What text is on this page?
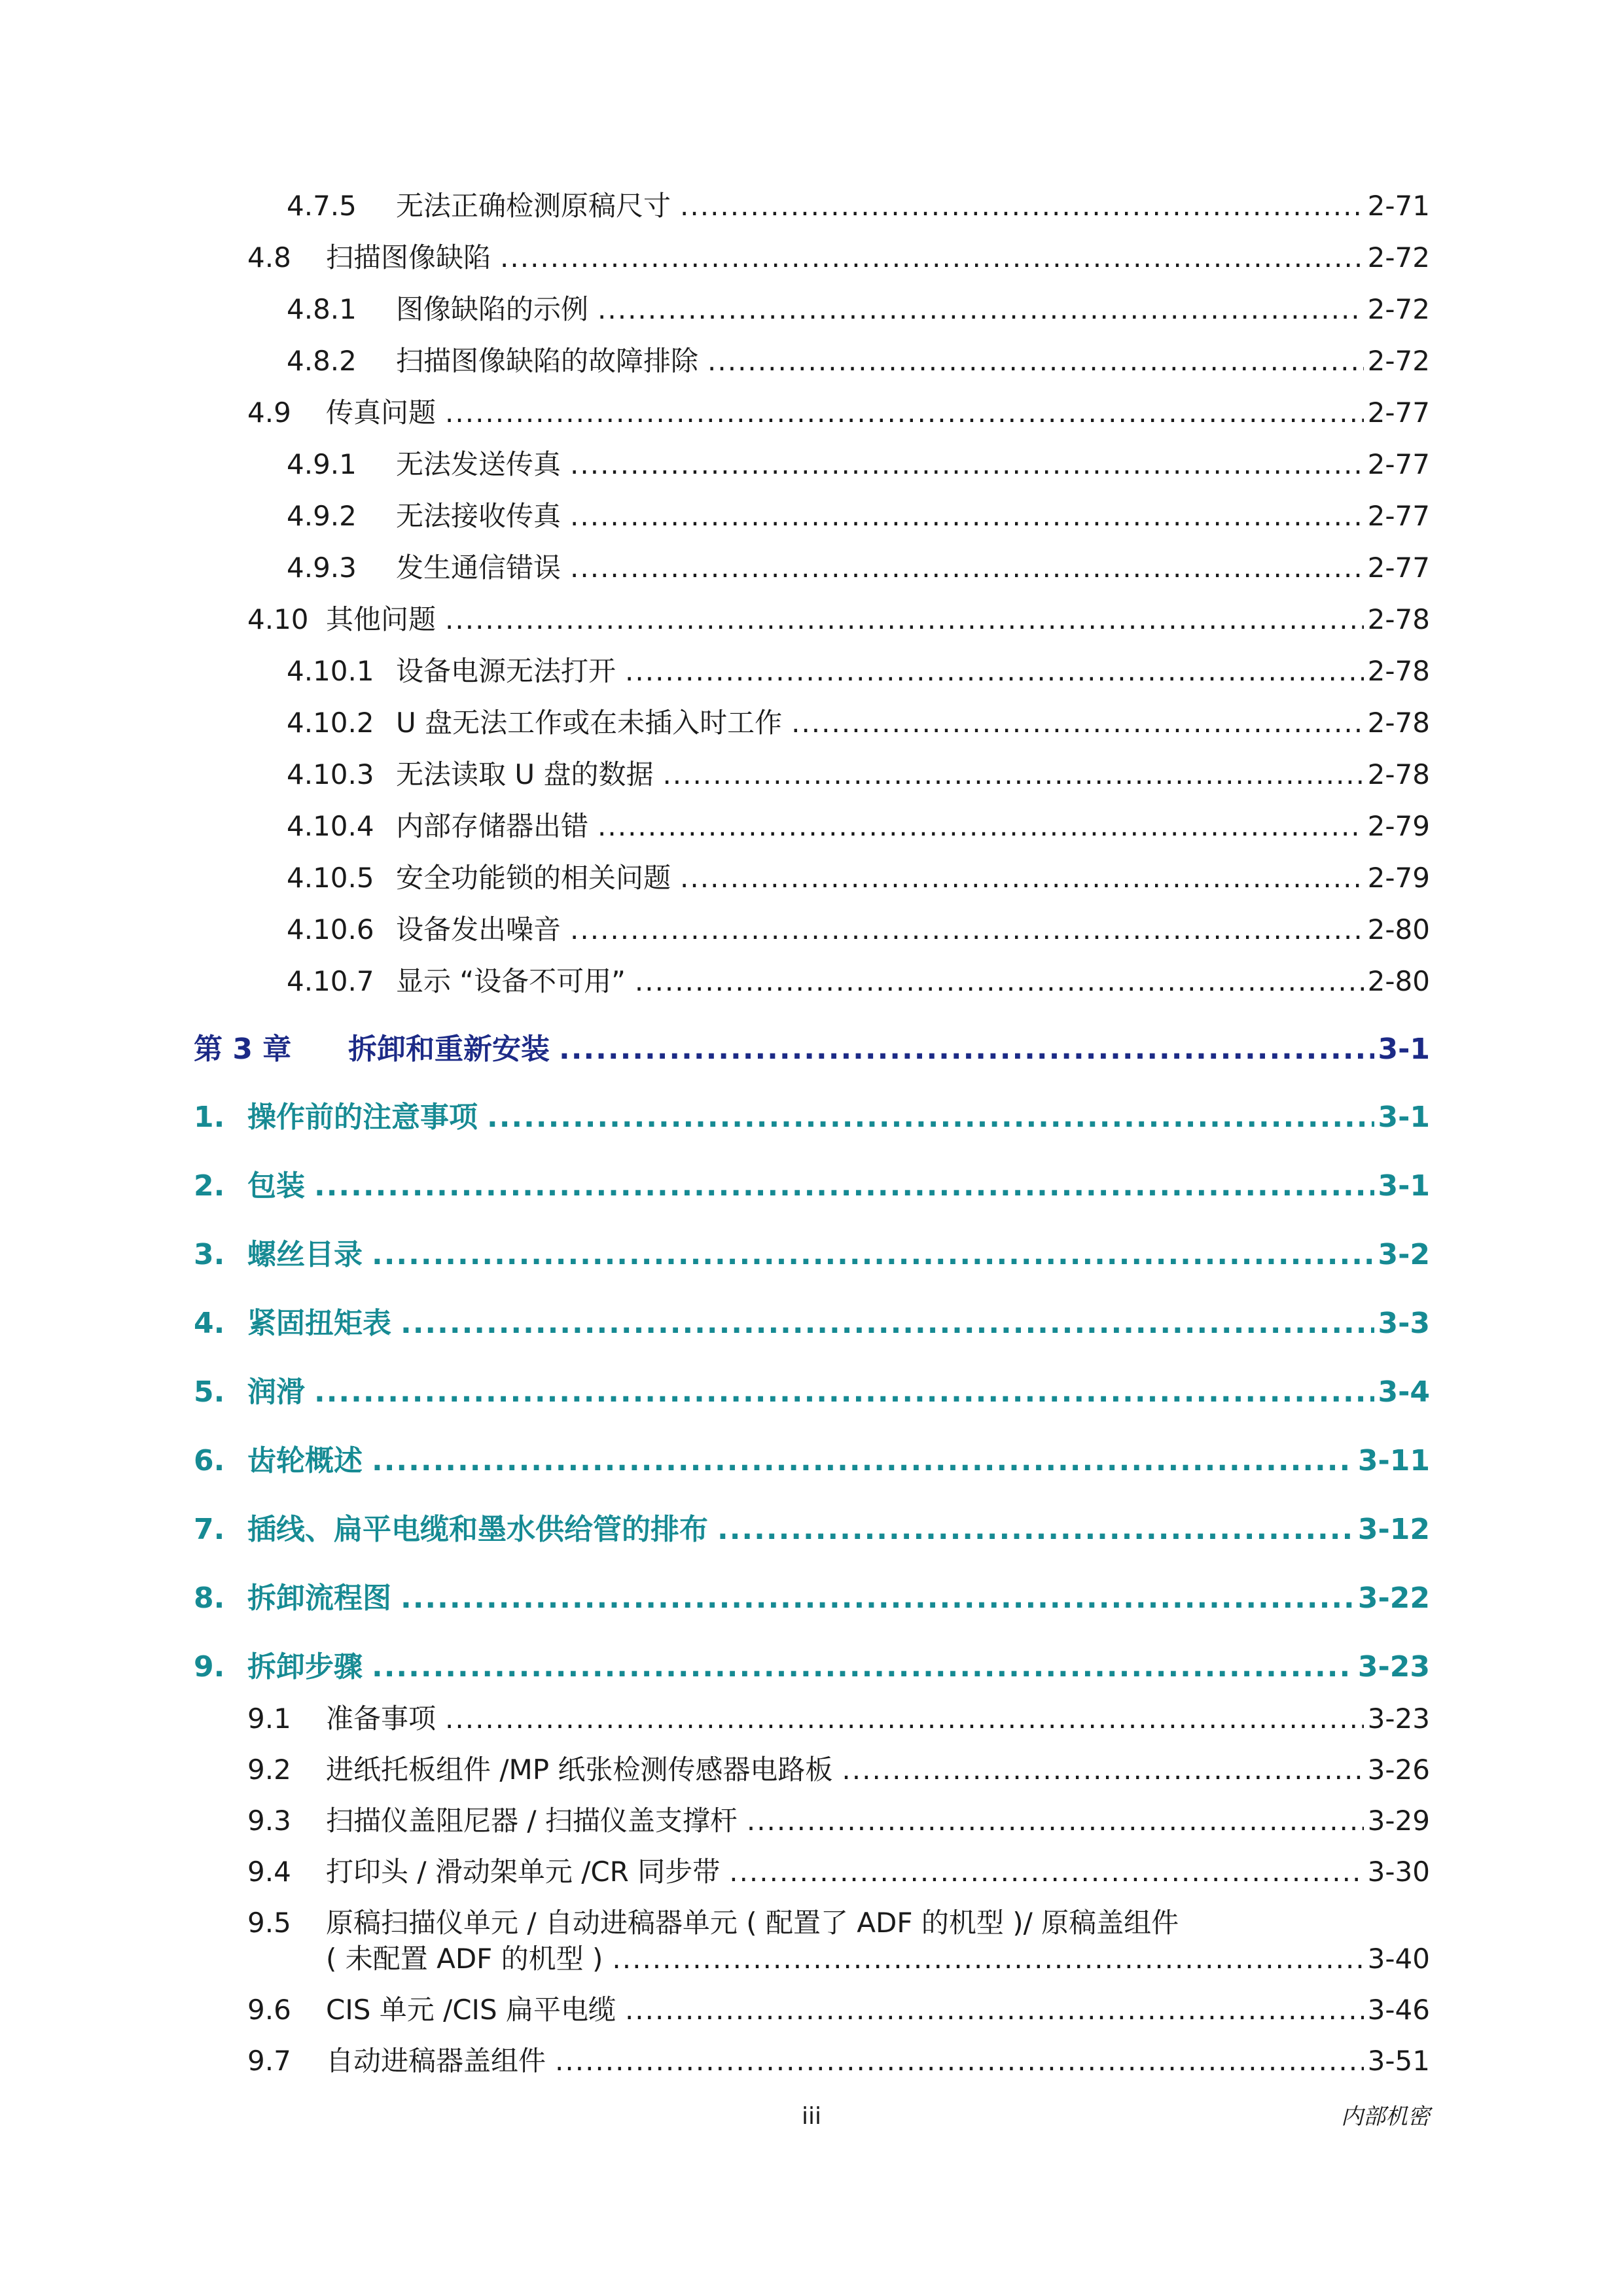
4.7.5 无法正确检测原稿尺寸 .....	2-71
4.8 扫描图像缺陷 .....	2-72
4.8.1 图像缺陷的示例 .....	2-72
4.8.2 扫描图像缺陷的故障排除 .....	2-72
4.9 传真问题 .....	2-77
4.9.1 无法发送传真 .....	2-77
4.9.2 无法接收传真 .....	2-77
4.9.3 发生通信错误 .....	2-77
4.10 其他问题 .....	2-78
4.10.1 设备电源无法打开 .....	2-78
4.10.2 U 盘无法工作或在未插入时工作 .....	2-78
4.10.3 无法读取 U 盘的数据 .....	2-78
4.10.4 内部存储器出错 .....	2-79
4.10.5 安全功能锁的相关问题 .....	2-79
4.10.6 设备发出噪音 .....	2-80
4.10.7 显示 “设备不可用” .....	2-80
第 3 章 拆卸和重新安装 .....	3-1
1. 操作前的注意事项 .....	3-1
2. 包装 .....	3-1
3. 螺丝目录 .....	3-2
4. 紧固扭矩表 .....	3-3
5. 润滑 .....	3-4
6. 齿轮概述 .....	3-11
7. 插线、扁平电缆和墨水供给管的排布 .....	3-12
8. 拆卸流程图 .....	3-22
9. 拆卸步骤 .....	3-23
9.1 准备事项 .....	3-23
9.2 进纸托板组件 /MP 纸张检测传感器电路板 .....	3-26
9.3 扫描仪盖阻尼器 / 扫描仪盖支撑杆 .....	3-29
9.4 打印头 / 滑动架单元 /CR 同步带 .....	3-30
9.5 原稿扫描仪单元 / 自动进稿器单元 ( 配置了 ADF 的机型 )/ 原稿盖组件
( 未配置 ADF 的机型 ) .....	3-40
9.6 CIS 单元 /CIS 扁平电缆 .....	3-46
9.7 自动进稿器盖组件 .....	3-51
iii	内部机密
